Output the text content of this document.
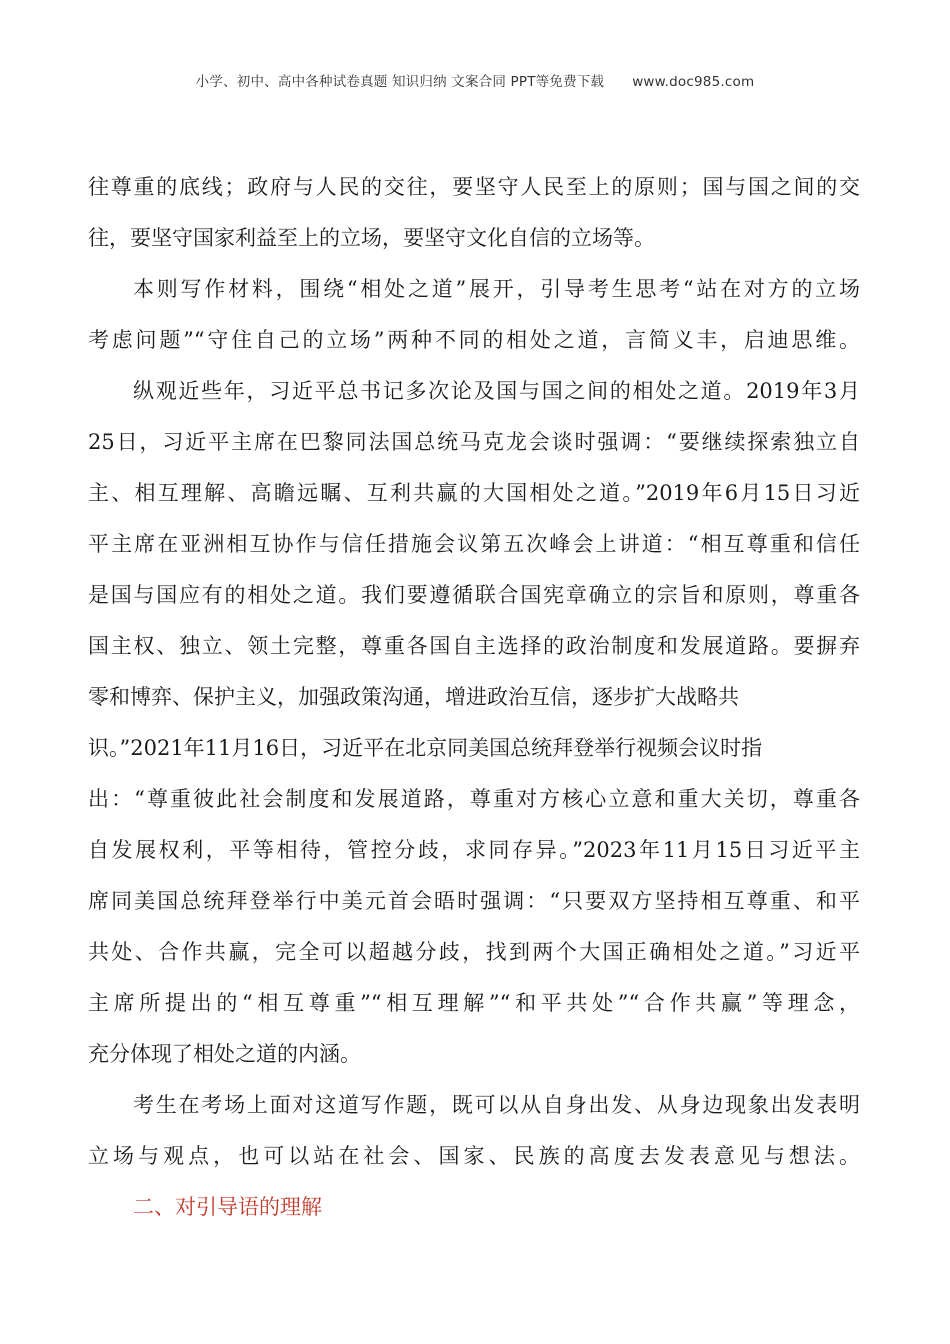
小学、初中、高中各种试卷真题 知识归纳 文案合同 PPT等免费下载 www.doc985.com
往尊重的底线；政府与人民的交往，要坚守人民至上的原则；国与国之间的交
往，要坚守国家利益至上的立场，要坚守文化自信的立场等。
本则写作材料，围绕“相处之道”展开，引导考生思考“站在对方的立场
考虑问题”“守住自己的立场”两种不同的相处之道，言简义丰，启迪思维。
纵观近些年，习近平总书记多次论及国与国之间的相处之道。2019年3月
25日，习近平主席在巴黎同法国总统马克龙会谈时强调：“要继续探索独立自
主、相互理解、高瞻远瞩、互利共赢的大国相处之道。”2019年6月15日习近
平主席在亚洲相互协作与信任措施会议第五次峰会上讲道：“相互尊重和信任
是国与国应有的相处之道。我们要遵循联合国宪章确立的宗旨和原则，尊重各
国主权、独立、领土完整，尊重各国自主选择的政治制度和发展道路。要摒弃
零和博弈、保护主义，加强政策沟通，增进政治互信，逐步扩大战略共
识。”2021年11月16日，习近平在北京同美国总统拜登举行视频会议时指
出：“尊重彼此社会制度和发展道路，尊重对方核心立意和重大关切，尊重各
自发展权利，平等相待，管控分歧，求同存异。”2023年11月15日习近平主
席同美国总统拜登举行中美元首会晤时强调：“只要双方坚持相互尊重、和平
共处、合作共赢，完全可以超越分歧，找到两个大国正确相处之道。”习近平
主席所提出的“相互尊重”“相互理解”“和平共处”“合作共赢”等理念，
充分体现了相处之道的内涵。
考生在考场上面对这道写作题，既可以从自身出发、从身边现象出发表明
立场与观点，也可以站在社会、国家、民族的高度去发表意见与想法。
二、对引导语的理解
